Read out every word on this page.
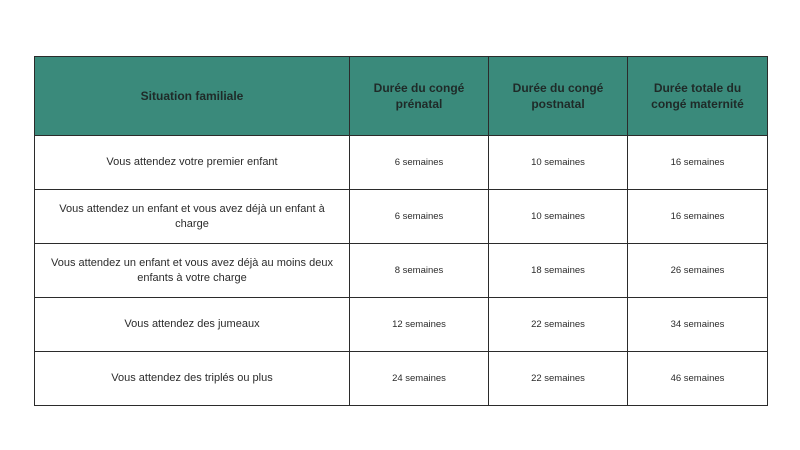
Situation familiale	Durée du congé prénatal	Durée du congé postnatal	Durée totale du congé maternité
Vous attendez votre premier enfant	6 semaines	10 semaines	16 semaines
Vous attendez un enfant et vous avez déjà un enfant à charge	6 semaines	10 semaines	16 semaines
Vous attendez un enfant et vous avez déjà au moins deux enfants à votre charge	8 semaines	18 semaines	26 semaines
Vous attendez des jumeaux	12 semaines	22 semaines	34 semaines
Vous attendez des triplés ou plus	24 semaines	22 semaines	46 semaines
